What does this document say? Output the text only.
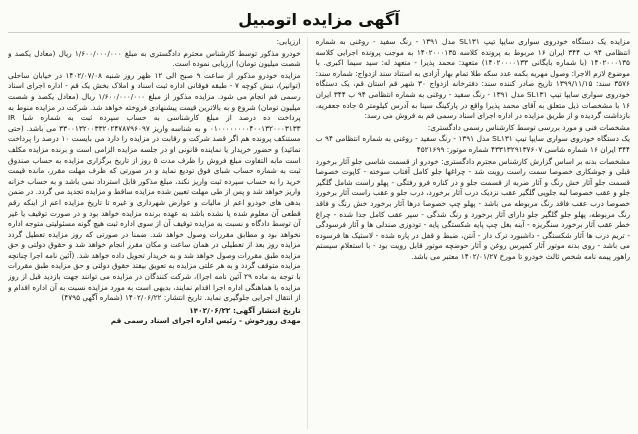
آگهی مزایده اتومبیل

مزایده یک دستگاه خودروی سواری سایپا تیپ SL۱۳۱ مدل ۱۳۹۱ - رنگ سفید - روغنی به شماره انتظامی ۹۴ ب ۳۴۴ ایران ۱۶ مربوط به پرونده کلاسه ۱۴۰۲۰۰۰۱۳۵ به موجب پرونده اجرایی کلاسه ۱۴۰۲۰۰۰۱۳۵ (با شماره بایگانی ۱۴۰۲۰۰۰۰۱۳۳) متعهد: محمد پذیرا - متعهد له: سید سیما اکبری. با موضوع لازم الاجرا: وصول مهریه بکمه عدد سکه طلا تمام بهار آزادی به استناد سند ازدواج: شماره سند: ۳۵۷۶ سند: ۱۳۹۹/۱۱/۱۵ تاریخ صادر کننده سند: دفترخانه ازدواج ۳۰ شهر قم استان قم، یک دستگاه خودروی سواری سایپا تیپ SL۱۳۱ مدل ۱۳۹۱ - رنگ سفید - روغنی به شماره انتظامی ۹۴ ب ۳۴۴ ایران ۱۶ با مشخصات ذیل متعلق به آقای محمد پذیرا واقع در پارکینگ سینا به آدرس کیلومتر ۵ جاده جعفریه، بازداشت گردیده و از طریق مزایده در اداره اجرای اسناد رسمی قم به فروش می رسد:

مشخصات فنی و مورد بررسی توسط کارشناس رسمی دادگستری:

یک دستگاه خودروی سواری سایپا تیپ SL۱۳۱ مدل ۱۳۹۱ - رنگ سفید - روغنی به شماره انتظامی ۹۴ ب ۳۴۴ ایران ۱۶ شماره شاسی ۴۳۳۱۳۲۹۱۳۷۶۰۷ شماره موتور: ۴۵۲۱۶۹۹

مشخصات بدنه بر اساس گزارش کارشناس محترم دادگستری: خودرو از قسمت شاسی جلو آثار برخورد قبلی و جوشکاری خصوصا سمت راست رویت شد - چراغها جلو کامل آفتاب سوخته - کاپوت خصوصا قسمت جلو آثار خش رنگ و آثار ضربه از قسمت جلو و در کناره فرو رفتگی - پهلو راست شامل گلگیر جلو و عقب خصوصا لبه جلویی گلگیر عقب نزدیک درب آثار برخورد، درب جلو و عقب راست آثار برخورد خصوصا درب عقب فاقد رنگ مربوطه می باشد - پهلو چپ خصوصا درها آثار برخورد خش رنگ و فاقد رنگ مربوطه، پهلو جلو گلگیر جلو دارای آثار برخورد و رنگ شدگی - سپر عقب کامل جدا شده - چراغ خطر عقب آثار برخورد سنگریزه - آینه بغل چپ پایه شکستگی پایه - تودوزی صندلی ها و آثار فرسودگی - تریم درب ها آثار شکستگی - داشبورد ترک دار - آنتن، ضبط و قفل در پاره شده - لاستیک ها فرسوده می باشد - روی بدنه موتور آثار کمپرس روغن و آثار حوضچه موتور قابل رویت بود - با استعلام سیستم راهور پیمه نامه شخص ثالث خودرو تا مورخ ۱۴۰۲/۰۱/۲۷ معتبر می باشد.

ارزیابی:

خودرو مذکور توسط کارشناس محترم دادگستری به مبلغ ۱/۶۰۰/۰۰۰/۰۰۰ ریال (معادل یکصد و شصت میلیون تومان) ارزیابی نموده است.

مزایده خودرو مذکور از ساعت ۹ صبح الی ۱۲ ظهر روز شنبه ۱۴۰۲/۰۷/۰۸ در خیابان ساحلی (توانیر)، نبش کوچه ۷ - طبقه فوقانی اداره ثبت اسناد و املاک بخش یک قم - اداره اجرای اسناد رسمی قم انجام می شود. مزایده مذکور از مبلغ ۱/۶۰۰/۰۰۰/۰۰۰ ریال (معادل یکصد و شصت میلیون تومان) شروع و به بالاترین قیمت پیشنهادی فروخته خواهد شد. شرکت در مزایده منوط به پرداخت ده درصد از مبلغ کارشناسی به حساب سپرده ثبت به شماره شبا IR ۰۱۰۰۰۰۰۰۰۰۴۰۰۱۳۲۰۰۰۳۱۳۳ و به شناسه واریز ۳۳۰۰۱۳۲۰۰۳۳۲۰۲۴۷۸۷۹۶۰۹۷ می باشد. (حتی مستنکف پرونده هم اگر قصد شرکت و رقابت در مزایده را دارد می بایست ۱۰ درصد را پرداخت نمائید) و حضور خریدار یا نماینده قانونی او در جلسه مزایده الزامی است و برنده مزایده مکلف است مابه التفاوت مبلغ فروش را ظرف مدت ۵ روز از تاریخ برگزاری مزایده به حساب صندوق ثبت به شماره حساب شبای فوق تودیع نماید و در صورتی که ظرف مهلت مقرر، مانده قیمت خرید را به حساب سپرده ثبت واریز نکند، مبلغ مذکور قابل استرداد نمی باشد و به حساب خزانه واریز خواهد شد و پس از طی مهلت تعیین شده مزایده ساقط و مزایده تجدید می گردد. در ضمن بدهی های خودرو اعم از مالیات و عوارض شهرداری و غیره تا تاریخ مزایده اعم از اینکه رقم قطعی آن معلوم شده یا نشده باشد به عهده برنده مزایده خواهد بود و در صورت توقیف یا غیر آن توسط دادگاه و نسبت به مزایده توقیف آن از سوی اداره ثبت هیچ گونه مسئولیتی متوجه اداره نخواهد بود و مطابق مقررات وصول خواهد شد. ضمنا در صورتی که روز مزایده تعطیل گردد مزایده روز بعد از تعطیلی در همان ساعت و مکان مقرر انجام خواهد شد و حقوق دولتی و حق مزایده طبق مقررات وصول خواهد شد و به خریدار تحویل داده خواهد شد. (آئین نامه اجرا چنانچه مزایده متوقف گردد و به هر علتی مزایده به تعویق بیفتد حقوق دولتی و حق مزایده طبق مقررات با توجه به ماده ۲۹ آئین نامه اجرا)، شرکت کنندگان در مزایده می توانند جهت بازدید قبل از روز مزایده با هماهنگی اداره اجرا اقدام نمایند، بدیهی است به مورد مزایده نسبت به آن اداره اقدام و از انتقال اجرایی جلوگیری نماید. تاریخ انتشار: ۱۴۰۲/۰۶/۲۲ (شماره آگهی ۴۷۹۵)

تاریخ انتشار آگهی: ۱۴۰۲/۰۶/۲۲
مهدی روزخوش - رئیس اداره اجرای اسناد رسمی قم
